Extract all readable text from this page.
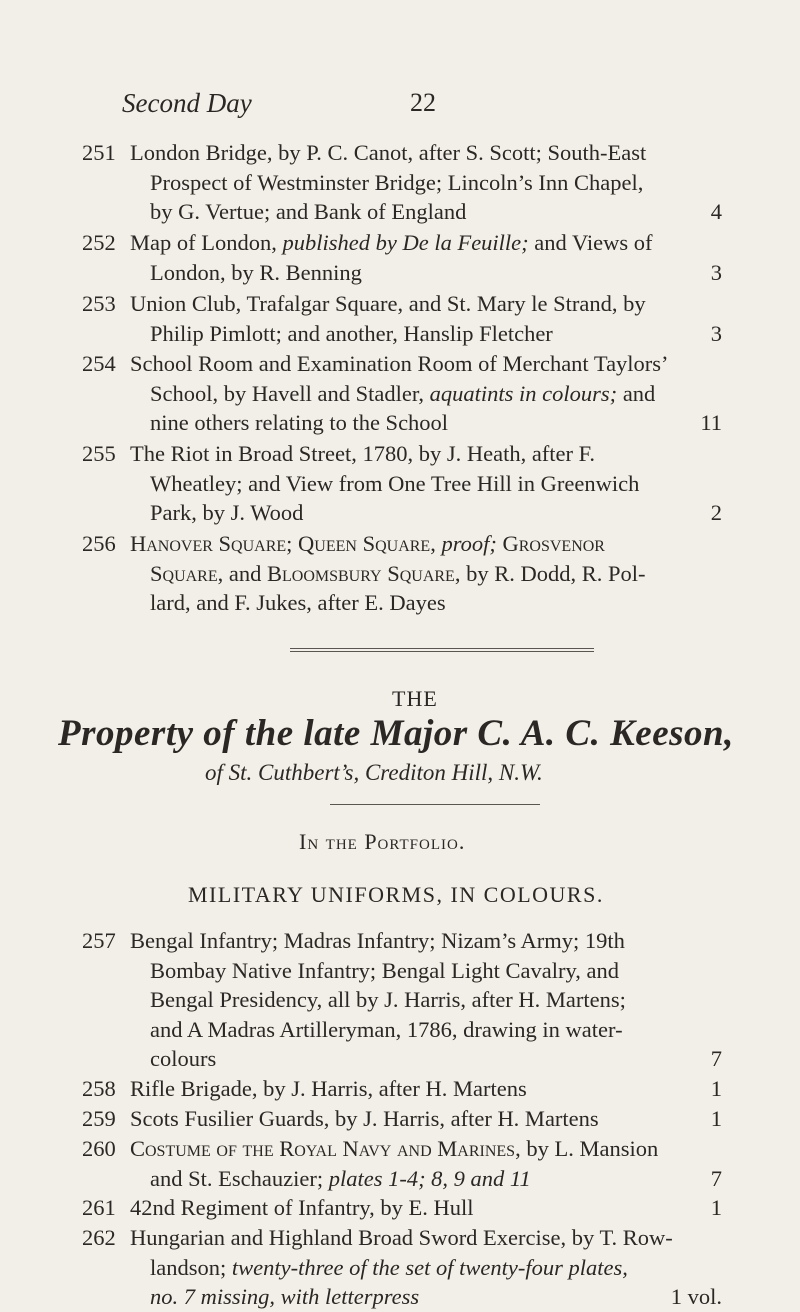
Second Day	22
251 London Bridge, by P. C. Canot, after S. Scott; South-East
Prospect of Westminster Bridge; Lincoln’s Inn Chapel,
by G. Vertue; and Bank of England	4
252 Map of London, published by De la Feuille; and Views of
London, by R. Benning	3
253 Union Club, Trafalgar Square, and St. Mary le Strand, by
Philip Pimlott; and another, Hanslip Fletcher	3
254 School Room and Examination Room of Merchant Taylors’
School, by Havell and Stadler, aquatints in colours; and
nine others relating to the School	11
255 The Riot in Broad Street, 1780, by J. Heath, after F.
Wheatley; and View from One Tree Hill in Greenwich
Park, by J. Wood	2
256 Hanover Square; Queen Square, proof; Grosvenor
Square, and Bloomsbury Square, by R. Dodd, R. Pol-
lard, and F. Jukes, after E. Dayes
THE
Property of the late Major C. A. C. Keeson,
of St. Cuthbert’s, Crediton Hill, N.W.
In the Portfolio.
MILITARY UNIFORMS, IN COLOURS.
257 Bengal Infantry; Madras Infantry; Nizam’s Army; 19th
Bombay Native Infantry; Bengal Light Cavalry, and
Bengal Presidency, all by J. Harris, after H. Martens;
and A Madras Artilleryman, 1786, drawing in water-
colours	7
258 Rifle Brigade, by J. Harris, after H. Martens	1
259 Scots Fusilier Guards, by J. Harris, after H. Martens	1
260 Costume of the Royal Navy and Marines, by L. Mansion
and St. Eschauzier; plates 1-4; 8, 9 and 11	7
261 42nd Regiment of Infantry, by E. Hull	1
262 Hungarian and Highland Broad Sword Exercise, by T. Row-
landson; twenty-three of the set of twenty-four plates,
no. 7 missing, with letterpress	1 vol.
